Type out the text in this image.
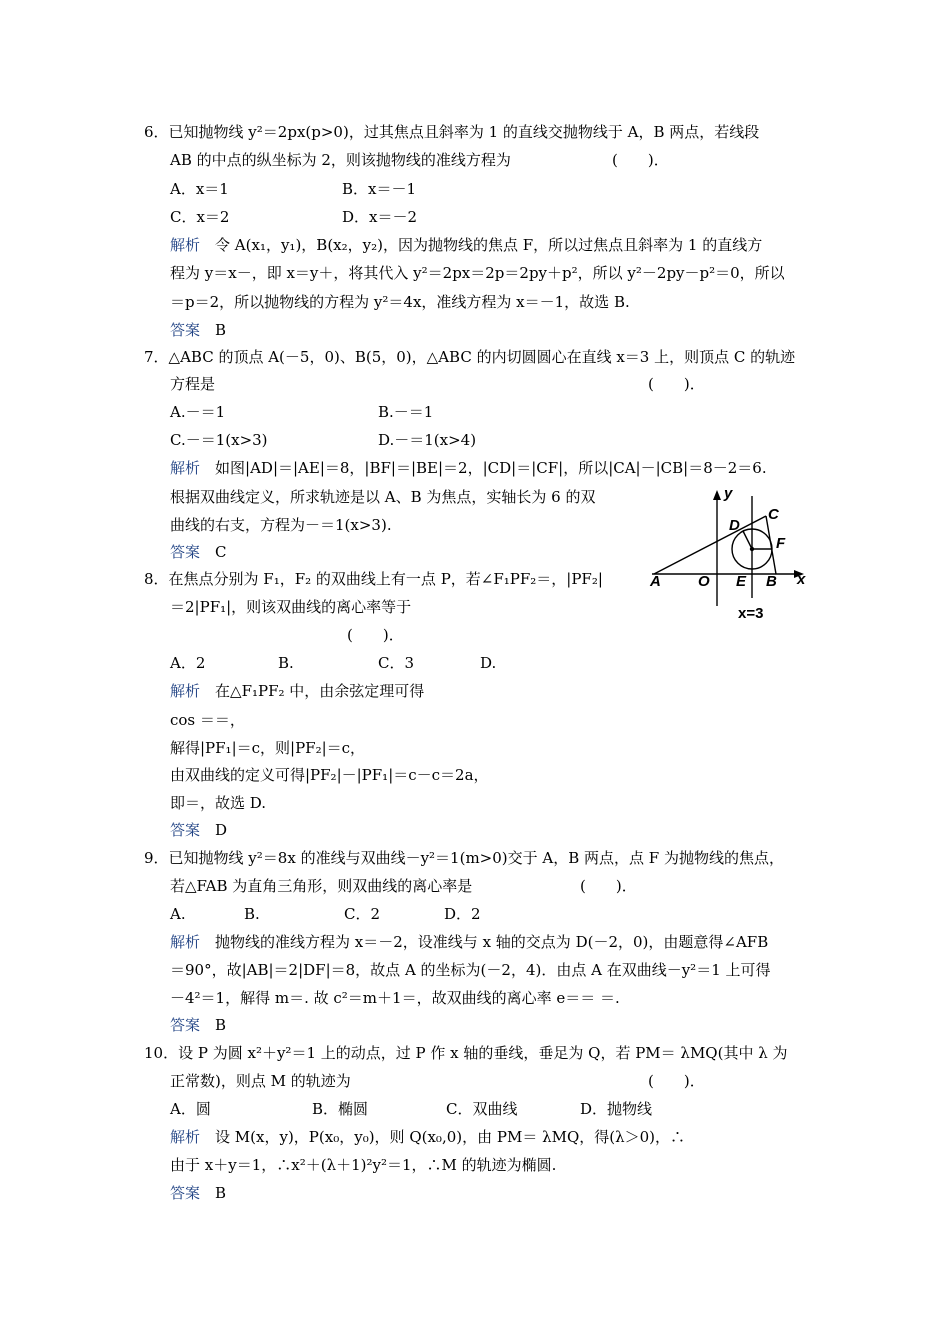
6．已知抛物线 y²＝2px(p>0)，过其焦点且斜率为 1 的直线交抛物线于 A，B 两点，若线段
AB 的中点的纵坐标为 2，则该抛物线的准线方程为	(　　)．
A．x＝1	B．x＝－1
C．x＝2	D．x＝－2
解析　 令 A(x₁，y₁)，B(x₂，y₂)，因为抛物线的焦点 F，所以过焦点且斜率为 1 的直线方
程为 y＝x－，即 x＝y＋，将其代入 y²＝2px＝2p＝2py＋p²，所以 y²－2py－p²＝0，所以
＝p＝2，所以抛物线的方程为 y²＝4x，准线方程为 x＝－1，故选 B.
答案　 B
7．△ABC 的顶点 A(－5，0)、B(5，0)，△ABC 的内切圆圆心在直线 x＝3 上，则顶点 C 的轨迹
方程是	(　　)．
A.－＝1	B.－＝1
C.－＝1(x>3)	D.－＝1(x>4)
解析　 如图|AD|＝|AE|＝8，|BF|＝|BE|＝2，|CD|＝|CF|，所以|CA|－|CB|＝8－2＝6.
根据双曲线定义，所求轨迹是以 A、B 为焦点，实轴长为 6 的双
曲线的右支，方程为－＝1(x>3).
答案　 C
y
x
D
C
F
A O E B
x=3
8．在焦点分别为 F₁，F₂ 的双曲线上有一点 P，若∠F₁PF₂＝，|PF₂|
＝2|PF₁|，则该双曲线的离心率等于
(　　)．
A．2	B.	C．3	D.
解析　 在△F₁PF₂ 中，由余弦定理可得
cos ＝＝，
解得|PF₁|＝c，则|PF₂|＝c，
由双曲线的定义可得|PF₂|－|PF₁|＝c－c＝2a，
即＝，故选 D.
答案　 D
9．已知抛物线 y²＝8x 的准线与双曲线－y²＝1(m>0)交于 A，B 两点，点 F 为抛物线的焦点，
若△FAB 为直角三角形，则双曲线的离心率是	(　　)．
A.	B.	C．2	D．2
解析　 抛物线的准线方程为 x＝－2，设准线与 x 轴的交点为 D(－2，0)，由题意得∠AFB
＝90°，故|AB|＝2|DF|＝8，故点 A 的坐标为(－2，4)．由点 A 在双曲线－y²＝1 上可得
－4²＝1，解得 m＝. 故 c²＝m＋1＝，故双曲线的离心率 e＝＝ ＝.
答案　 B
10．设 P 为圆 x²＋y²＝1 上的动点，过 P 作 x 轴的垂线，垂足为 Q，若 PM＝ λMQ(其中 λ 为
正常数)，则点 M 的轨迹为	(　　)．
A．圆	B．椭圆	C．双曲线	D．抛物线
解析　 设 M(x，y)，P(x₀，y₀)，则 Q(x₀,0)，由 PM＝ λMQ，得(λ＞0)，∴
由于 x＋y＝1，∴x²＋(λ＋1)²y²＝1，∴M 的轨迹为椭圆.
答案　 B
